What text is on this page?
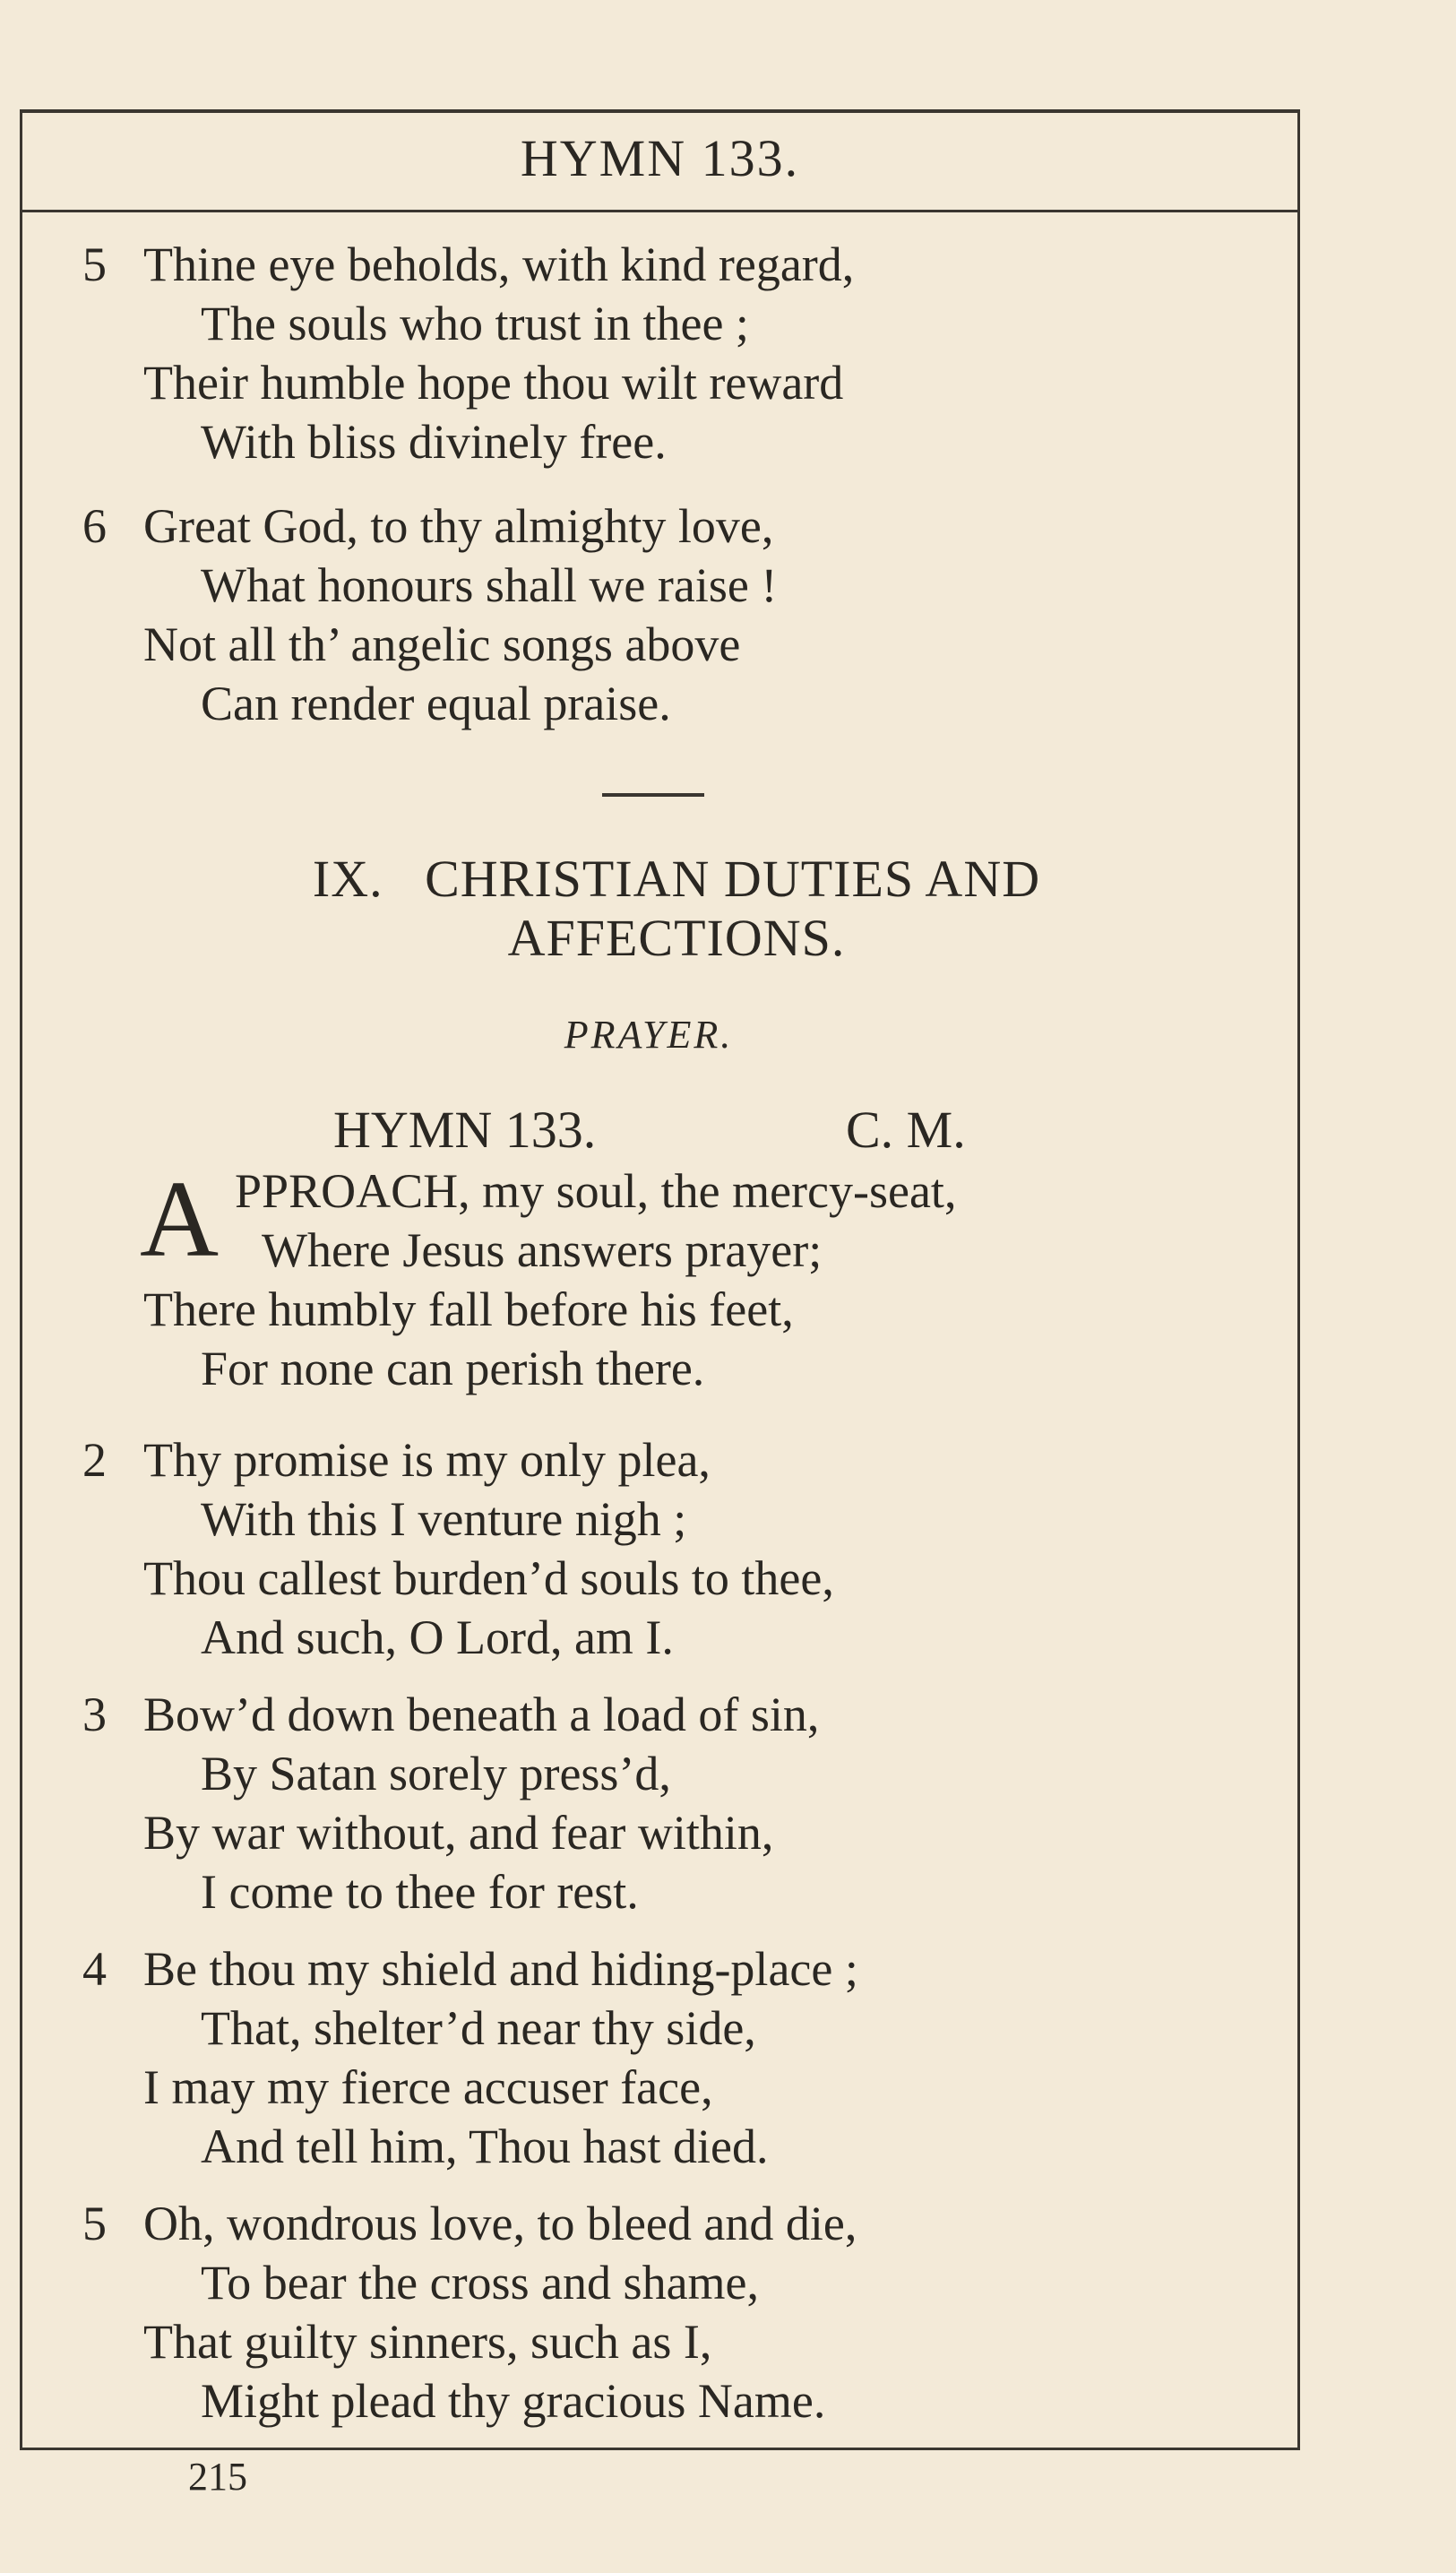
HYMN 133.
5 Thine eye beholds, with kind regard,
The souls who trust in thee ;
Their humble hope thou wilt reward
With bliss divinely free.
6 Great God, to thy almighty love,
What honours shall we raise !
Not all th’ angelic songs above
Can render equal praise.
IX.   CHRISTIAN DUTIES AND
AFFECTIONS.
PRAYER.
HYMN 133.	C. M.
A PPROACH, my soul, the mercy-seat,
Where Jesus answers prayer;
There humbly fall before his feet,
For none can perish there.
2 Thy promise is my only plea,
With this I venture nigh ;
Thou callest burden’d souls to thee,
And such, O Lord, am I.
3 Bow’d down beneath a load of sin,
By Satan sorely press’d,
By war without, and fear within,
I come to thee for rest.
4 Be thou my shield and hiding-place ;
That, shelter’d near thy side,
I may my fierce accuser face,
And tell him, Thou hast died.
5 Oh, wondrous love, to bleed and die,
To bear the cross and shame,
That guilty sinners, such as I,
Might plead thy gracious Name.
215
